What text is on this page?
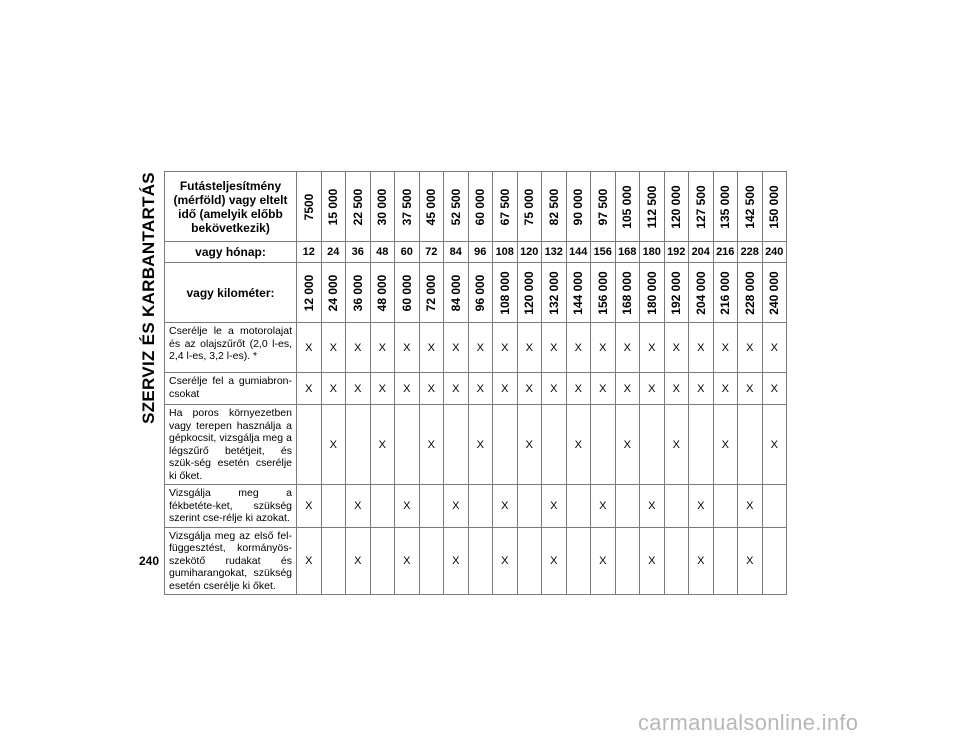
SZERVIZ ÉS KARBANTARTÁS Futásteljesítmény (mérföld) vagy eltelt idő (amelyik előbb bekövetkezik)	7500	15 000	22 500	30 000	37 500	45 000	52 500	60 000	67 500	75 000	82 500	90 000	97 500	105 000	112 500	120 000	127 500	135 000	142 500	150 000

vagy hónap:	12	24	36	48	60	72	84	96	108	120	132	144	156	168	180	192	204	216	228	240
vagy kilométer:	12 000	24 000	36 000	48 000	60 000	72 000	84 000	96 000	108 000	120 000	132 000	144 000	156 000	168 000	180 000	192 000	204 000	216 000	228 000	240 000

Cserélje le a motorolajat és az olajszűrőt (2,0 l-es, 2,4 l-es, 3,2 l-es). *	X	X	X	X	X	X	X	X	X	X	X	X	X	X	X	X	X	X	X	X
Cserélje fel a gumiabron-csokat	X	X	X	X	X	X	X	X	X	X	X	X	X	X	X	X	X	X	X	X
Ha poros környezetben vagy terepen használja a gépkocsit, vizsgálja meg a légszűrő betétjeit, és szük-ség esetén cserélje ki őket.		X		X		X		X		X		X		X		X		X		X
Vizsgálja meg a fékbetéte-ket, szükség szerint cse-rélje ki azokat.	X		X		X		X		X		X		X		X		X		X	
Vizsgálja meg az első fel-függesztést, kormányös-szekötő rudakat és gumiharangokat, szükség esetén cserélje ki őket.	X		X		X		X		X		X		X		X		X		X	
240
carmanualsonline.info
